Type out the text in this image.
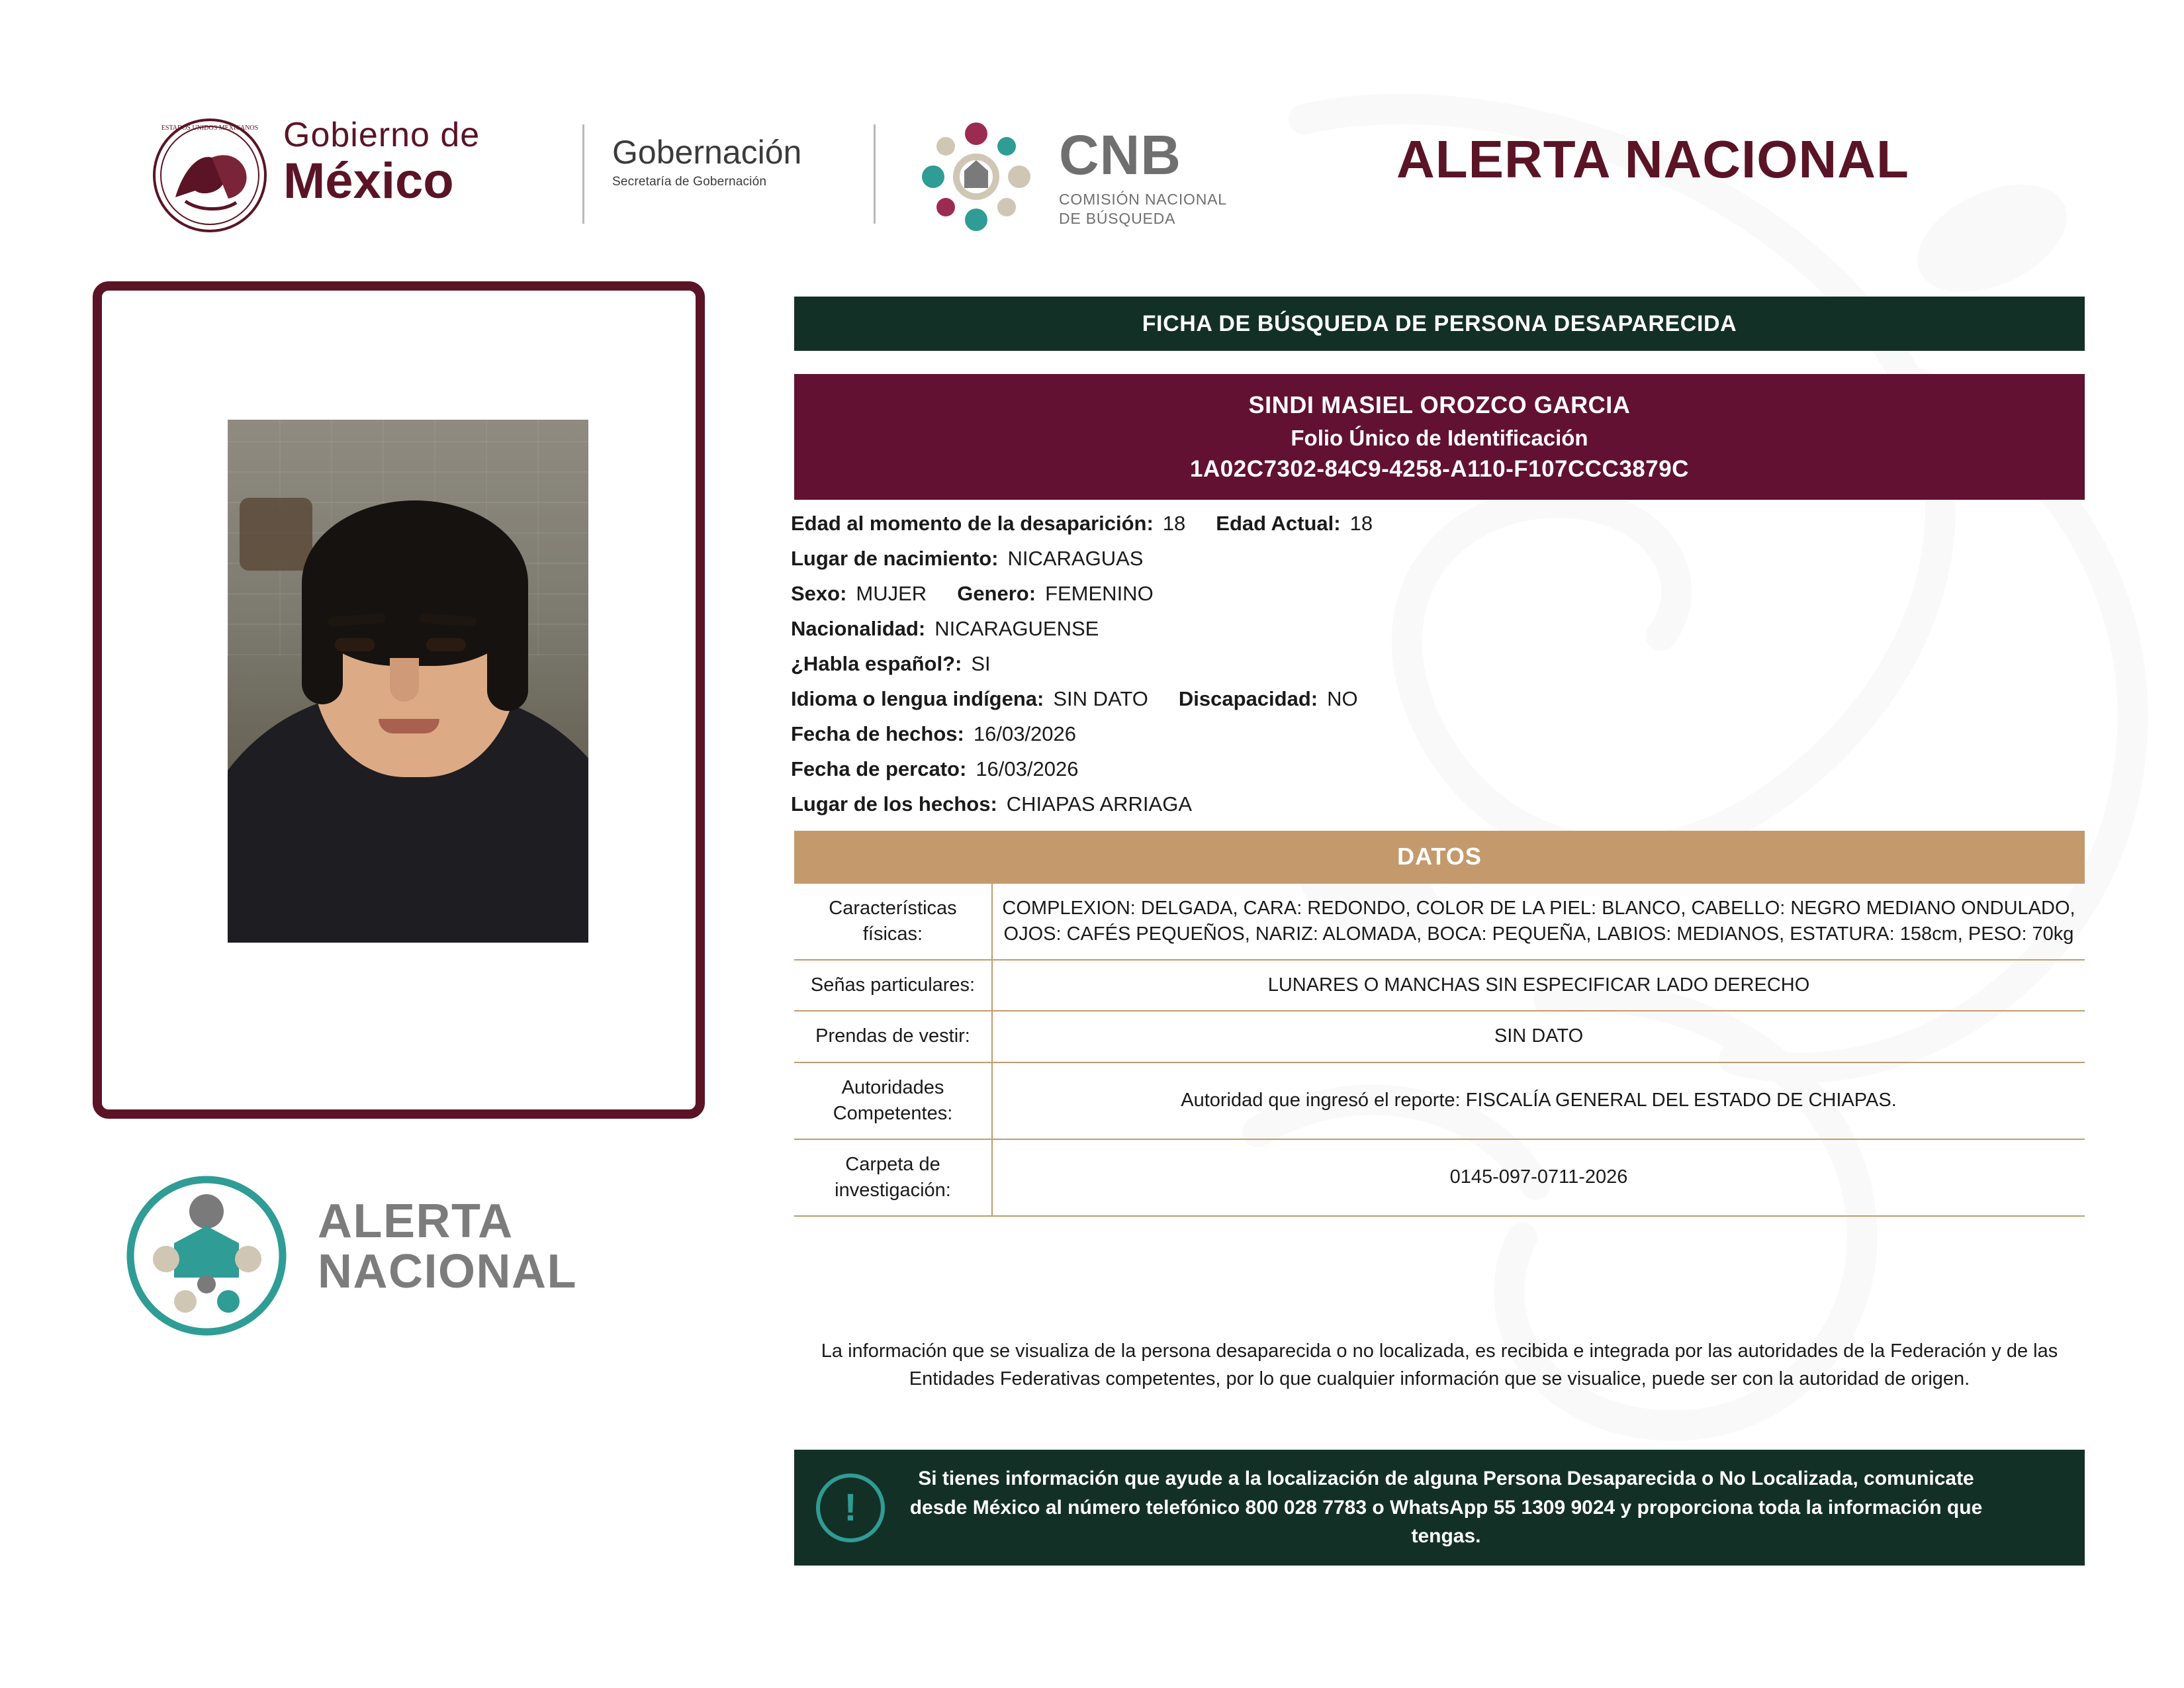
ESTADOS UNIDOS MEXICANOS Gobierno de
México
Gobernación
Secretaría de Gobernación	CNB
COMISIÓN NACIONAL
DE BÚSQUEDA
ALERTA NACIONAL
ALERTA
NACIONAL
FICHA DE BÚSQUEDA DE PERSONA DESAPARECIDA
SINDI MASIEL OROZCO GARCIA
Folio Único de Identificación
1A02C7302-84C9-4258-A110-F107CCC3879C
Edad al momento de la desaparición: 18 Edad Actual: 18
Lugar de nacimiento: NICARAGUAS
Sexo: MUJER Genero: FEMENINO
Nacionalidad: NICARAGUENSE
¿Habla español?: SI
Idioma o lengua indígena: SIN DATO Discapacidad: NO
Fecha de hechos: 16/03/2026
Fecha de percato: 16/03/2026
Lugar de los hechos: CHIAPAS ARRIAGA
DATOS
Características físicas:	COMPLEXION: DELGADA, CARA: REDONDO, COLOR DE LA PIEL: BLANCO, CABELLO: NEGRO MEDIANO ONDULADO, OJOS: CAFÉS PEQUEÑOS, NARIZ: ALOMADA, BOCA: PEQUEÑA, LABIOS: MEDIANOS, ESTATURA: 158cm, PESO: 70kg
Señas particulares:	LUNARES O MANCHAS SIN ESPECIFICAR LADO DERECHO
Prendas de vestir:	SIN DATO
Autoridades Competentes:	Autoridad que ingresó el reporte: FISCALÍA GENERAL DEL ESTADO DE CHIAPAS.
Carpeta de investigación:	0145-097-0711-2026
La información que se visualiza de la persona desaparecida o no localizada, es recibida e integrada por las autoridades de la Federación y de las Entidades Federativas competentes, por lo que cualquier información que se visualice, puede ser con la autoridad de origen.
!
Si tienes información que ayude a la localización de alguna Persona Desaparecida o No Localizada, comunicate desde México al número telefónico 800 028 7783 o WhatsApp 55 1309 9024 y proporciona toda la información que tengas.
